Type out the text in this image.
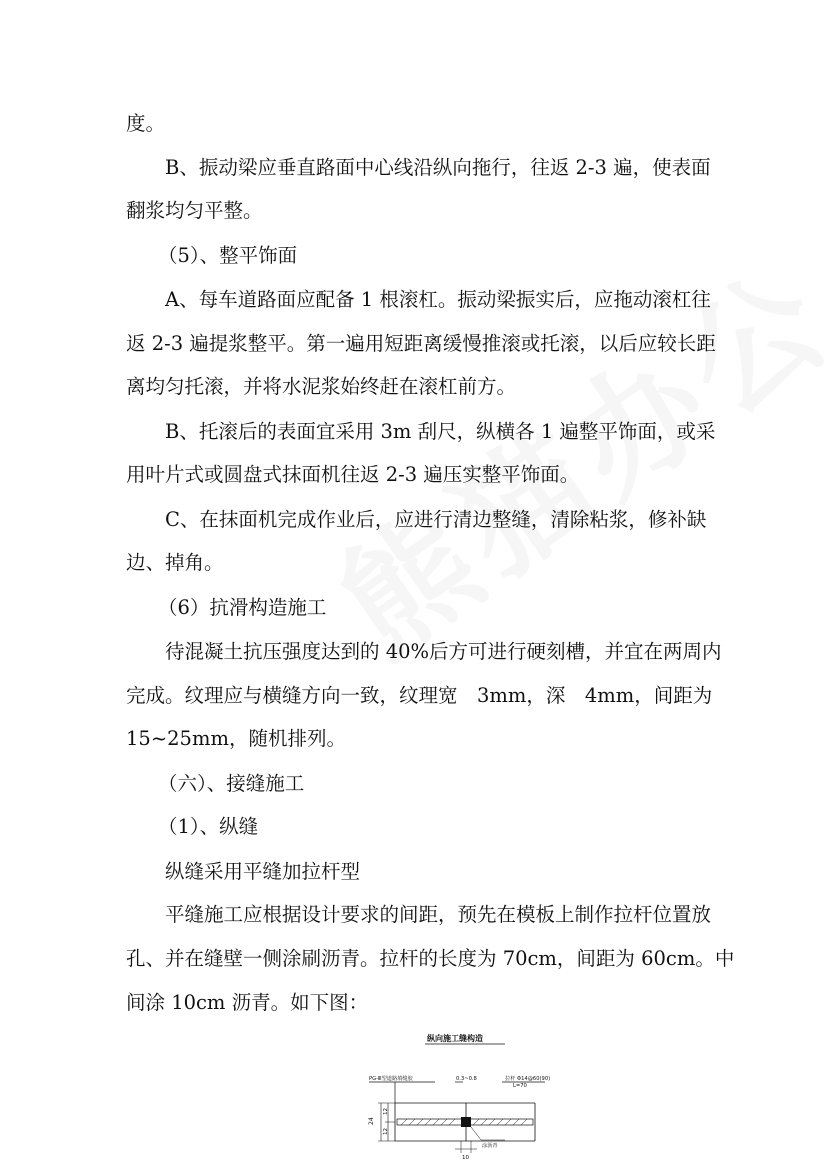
度。
B、振动梁应垂直路面中心线沿纵向拖行，往返 2-3 遍，使表面
翻浆均匀平整。
（5）、整平饰面
A、每车道路面应配备 1 根滚杠。振动梁振实后，应拖动滚杠往
返 2-3 遍提浆整平。第一遍用短距离缓慢推滚或托滚，以后应较长距
离均匀托滚，并将水泥浆始终赶在滚杠前方。
B、托滚后的表面宜采用 3m 刮尺，纵横各 1 遍整平饰面，或采
用叶片式或圆盘式抹面机往返 2-3 遍压实整平饰面。
C、在抹面机完成作业后，应进行清边整缝，清除粘浆，修补缺
边、掉角。
（6）抗滑构造施工
待混凝土抗压强度达到的 40%后方可进行硬刻槽，并宜在两周内
完成。纹理应与横缝方向一致，纹理宽　3mm，深　4mm，间距为
15~25mm，随机排列。
（六）、接缝施工
（1）、纵缝
纵缝采用平缝加拉杆型
平缝施工应根据设计要求的间距，预先在模板上制作拉杆位置放
孔、并在缝壁一侧涂刷沥青。拉杆的长度为 70cm，间距为 60cm。中
间涂 10cm 沥青。如下图：
纵向施工缝构造
PG-Ⅲ型道路填缝胶	0.3~0.8	拉杆 Φ14@60(90)
L=70
24
12
12
10
涂沥青
